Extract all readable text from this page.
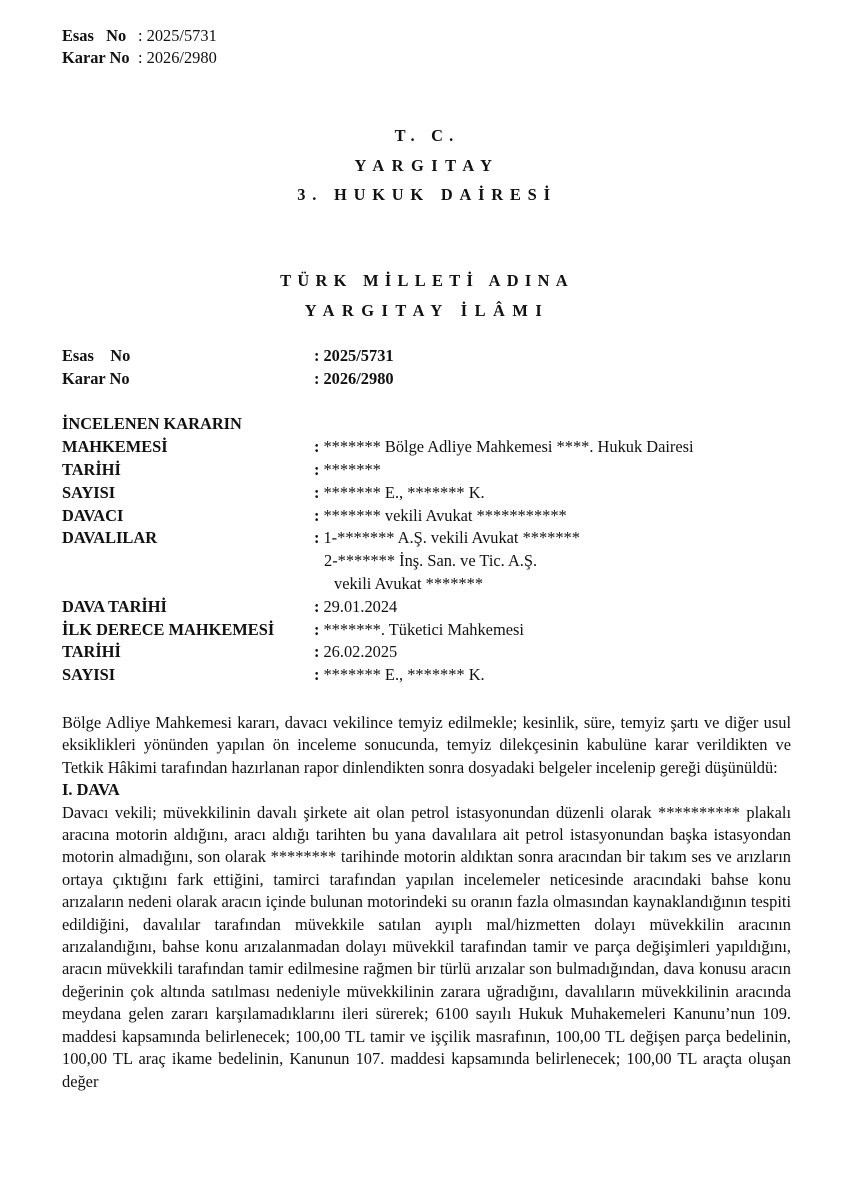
Esas   No : 2025/5731
Karar No : 2026/2980
T. C.
YARGITAY
3. HUKUK DAİRESİ
TÜRK MİLLETİ ADINA
YARGITAY İLÂMI
Esas    No	: 2025/5731
Karar No	: 2026/2980
İNCELENEN KARARIN
MAHKEMESİ	: ******* Bölge Adliye Mahkemesi ****. Hukuk Dairesi
TARİHİ	: *******
SAYISI	: ******* E., ******* K.
DAVACI	: ******* vekili Avukat ***********
DAVALILAR	: 1-******* A.Ş. vekili Avukat *******
2-******* İnş. San. ve Tic. A.Ş.
vekili Avukat *******
DAVA TARİHİ	: 29.01.2024
İLK DERECE MAHKEMESİ	: *******. Tüketici Mahkemesi
TARİHİ	: 26.02.2025
SAYISI	: ******* E., ******* K.

Bölge Adliye Mahkemesi kararı, davacı vekilince temyiz edilmekle; kesinlik, süre, temyiz şartı ve diğer usul eksiklikleri yönünden yapılan ön inceleme sonucunda, temyiz dilekçesinin kabulüne karar verildikten ve Tetkik Hâkimi tarafından hazırlanan rapor dinlendikten sonra dosyadaki belgeler incelenip gereği düşünüldü:

I. DAVA

Davacı vekili; müvekkilinin davalı şirkete ait olan petrol istasyonundan düzenli olarak ********** plakalı aracına motorin aldığını, aracı aldığı tarihten bu yana davalılara ait petrol istasyonundan başka istasyondan motorin almadığını, son olarak ******** tarihinde motorin aldıktan sonra aracından bir takım ses ve arızların ortaya çıktığını fark ettiğini, tamirci tarafından yapılan incelemeler neticesinde aracındaki bahse konu arızaların nedeni olarak aracın içinde bulunan motorindeki su oranın fazla olmasından kaynaklandığının tespiti edildiğini, davalılar tarafından müvekkile satılan ayıplı mal/hizmetten dolayı müvekkilin aracının arızalandığını, bahse konu arızalanmadan dolayı müvekkil tarafından tamir ve parça değişimleri yapıldığını, aracın müvekkili tarafından tamir edilmesine rağmen bir türlü arızalar son bulmadığından, dava konusu aracın değerinin çok altında satılması nedeniyle müvekkilinin zarara uğradığını, davalıların müvekkilinin aracında meydana gelen zararı karşılamadıklarını ileri sürerek; 6100 sayılı Hukuk Muhakemeleri Kanunu’nun 109. maddesi kapsamında belirlenecek; 100,00 TL tamir ve işçilik masrafının, 100,00 TL değişen parça bedelinin, 100,00 TL araç ikame bedelinin, Kanunun 107. maddesi kapsamında belirlenecek; 100,00 TL araçta oluşan değer
